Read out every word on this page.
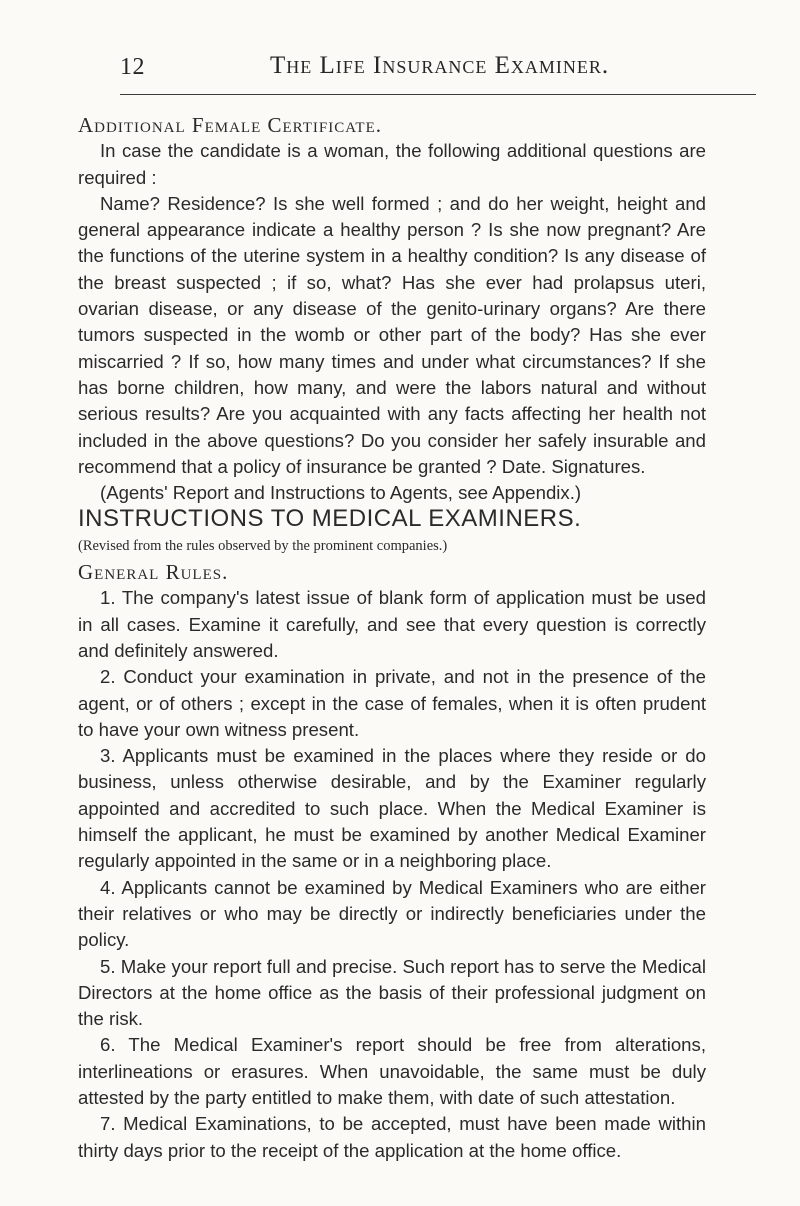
12	The Life Insurance Examiner.

Additional Female Certificate.

In case the candidate is a woman, the following additional questions are required :

Name? Residence? Is she well formed ; and do her weight, height and general appearance indicate a healthy person ? Is she now pregnant? Are the functions of the uterine system in a healthy condition? Is any disease of the breast suspected ; if so, what? Has she ever had prolapsus uteri, ovarian disease, or any disease of the genito-urinary organs? Are there tumors suspected in the womb or other part of the body? Has she ever miscarried ? If so, how many times and under what circumstances? If she has borne children, how many, and were the labors natural and without serious results? Are you acquainted with any facts affecting her health not included in the above questions? Do you consider her safely insurable and recommend that a policy of insurance be granted ? Date. Signatures.

(Agents' Report and Instructions to Agents, see Appendix.)

INSTRUCTIONS TO MEDICAL EXAMINERS.

(Revised from the rules observed by the prominent companies.)

General Rules.

1. The company's latest issue of blank form of application must be used in all cases. Examine it carefully, and see that every question is correctly and definitely answered.

2. Conduct your examination in private, and not in the presence of the agent, or of others ; except in the case of females, when it is often prudent to have your own witness present.

3. Applicants must be examined in the places where they reside or do business, unless otherwise desirable, and by the Examiner regularly appointed and accredited to such place. When the Medical Examiner is himself the applicant, he must be examined by another Medical Examiner regularly appointed in the same or in a neighboring place.

4. Applicants cannot be examined by Medical Examiners who are either their relatives or who may be directly or indirectly beneficiaries under the policy.

5. Make your report full and precise. Such report has to serve the Medical Directors at the home office as the basis of their professional judgment on the risk.

6. The Medical Examiner's report should be free from alterations, interlineations or erasures. When unavoidable, the same must be duly attested by the party entitled to make them, with date of such attestation.

7. Medical Examinations, to be accepted, must have been made within thirty days prior to the receipt of the application at the home office.
